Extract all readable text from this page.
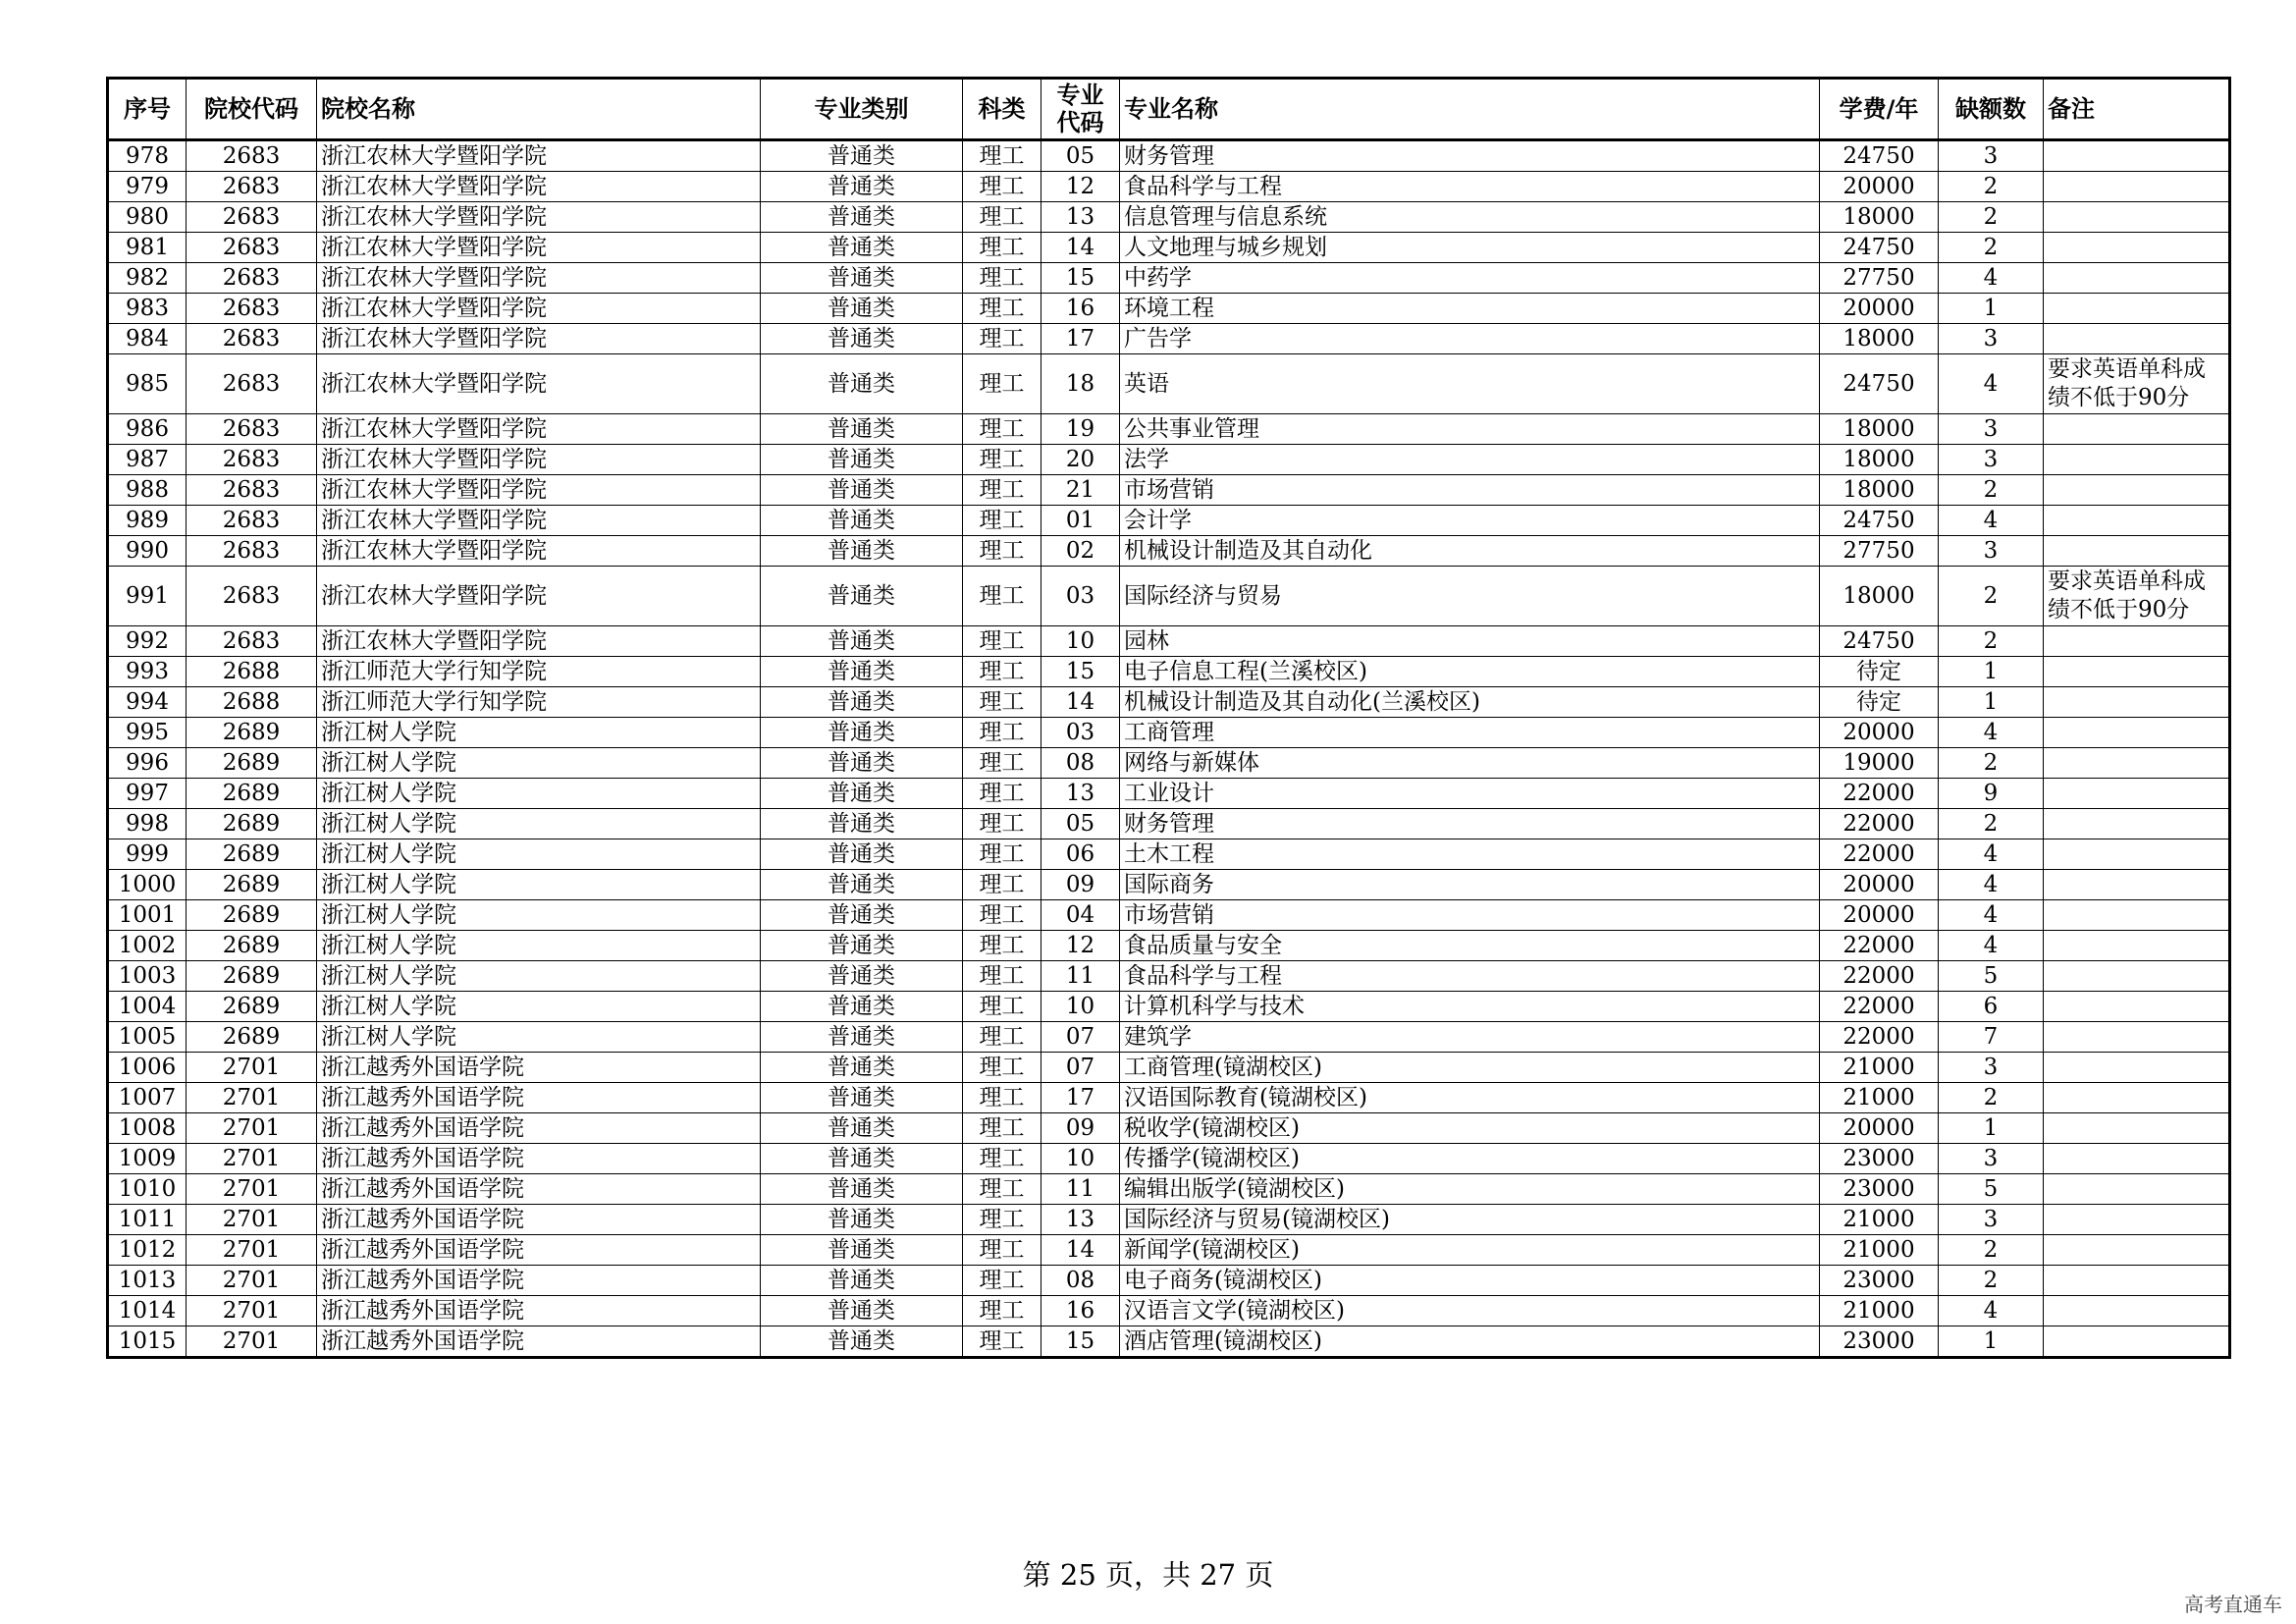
序号	院校代码	院校名称	专业类别	科类	专业代码	专业名称	学费/年	缺额数	备注
978	2683	浙江农林大学暨阳学院	普通类	理工	05	财务管理	24750	3	
979	2683	浙江农林大学暨阳学院	普通类	理工	12	食品科学与工程	20000	2	
980	2683	浙江农林大学暨阳学院	普通类	理工	13	信息管理与信息系统	18000	2	
981	2683	浙江农林大学暨阳学院	普通类	理工	14	人文地理与城乡规划	24750	2	
982	2683	浙江农林大学暨阳学院	普通类	理工	15	中药学	27750	4	
983	2683	浙江农林大学暨阳学院	普通类	理工	16	环境工程	20000	1	
984	2683	浙江农林大学暨阳学院	普通类	理工	17	广告学	18000	3	
985	2683	浙江农林大学暨阳学院	普通类	理工	18	英语	24750	4	要求英语单科成绩不低于90分
986	2683	浙江农林大学暨阳学院	普通类	理工	19	公共事业管理	18000	3	
987	2683	浙江农林大学暨阳学院	普通类	理工	20	法学	18000	3	
988	2683	浙江农林大学暨阳学院	普通类	理工	21	市场营销	18000	2	
989	2683	浙江农林大学暨阳学院	普通类	理工	01	会计学	24750	4	
990	2683	浙江农林大学暨阳学院	普通类	理工	02	机械设计制造及其自动化	27750	3	
991	2683	浙江农林大学暨阳学院	普通类	理工	03	国际经济与贸易	18000	2	要求英语单科成绩不低于90分
992	2683	浙江农林大学暨阳学院	普通类	理工	10	园林	24750	2	
993	2688	浙江师范大学行知学院	普通类	理工	15	电子信息工程(兰溪校区)	待定	1	
994	2688	浙江师范大学行知学院	普通类	理工	14	机械设计制造及其自动化(兰溪校区)	待定	1	
995	2689	浙江树人学院	普通类	理工	03	工商管理	20000	4	
996	2689	浙江树人学院	普通类	理工	08	网络与新媒体	19000	2	
997	2689	浙江树人学院	普通类	理工	13	工业设计	22000	9	
998	2689	浙江树人学院	普通类	理工	05	财务管理	22000	2	
999	2689	浙江树人学院	普通类	理工	06	土木工程	22000	4	
1000	2689	浙江树人学院	普通类	理工	09	国际商务	20000	4	
1001	2689	浙江树人学院	普通类	理工	04	市场营销	20000	4	
1002	2689	浙江树人学院	普通类	理工	12	食品质量与安全	22000	4	
1003	2689	浙江树人学院	普通类	理工	11	食品科学与工程	22000	5	
1004	2689	浙江树人学院	普通类	理工	10	计算机科学与技术	22000	6	
1005	2689	浙江树人学院	普通类	理工	07	建筑学	22000	7	
1006	2701	浙江越秀外国语学院	普通类	理工	07	工商管理(镜湖校区)	21000	3	
1007	2701	浙江越秀外国语学院	普通类	理工	17	汉语国际教育(镜湖校区)	21000	2	
1008	2701	浙江越秀外国语学院	普通类	理工	09	税收学(镜湖校区)	20000	1	
1009	2701	浙江越秀外国语学院	普通类	理工	10	传播学(镜湖校区)	23000	3	
1010	2701	浙江越秀外国语学院	普通类	理工	11	编辑出版学(镜湖校区)	23000	5	
1011	2701	浙江越秀外国语学院	普通类	理工	13	国际经济与贸易(镜湖校区)	21000	3	
1012	2701	浙江越秀外国语学院	普通类	理工	14	新闻学(镜湖校区)	21000	2	
1013	2701	浙江越秀外国语学院	普通类	理工	08	电子商务(镜湖校区)	23000	2	
1014	2701	浙江越秀外国语学院	普通类	理工	16	汉语言文学(镜湖校区)	21000	4	
1015	2701	浙江越秀外国语学院	普通类	理工	15	酒店管理(镜湖校区)	23000	1	
第 25 页，共 27 页
高考直通车
